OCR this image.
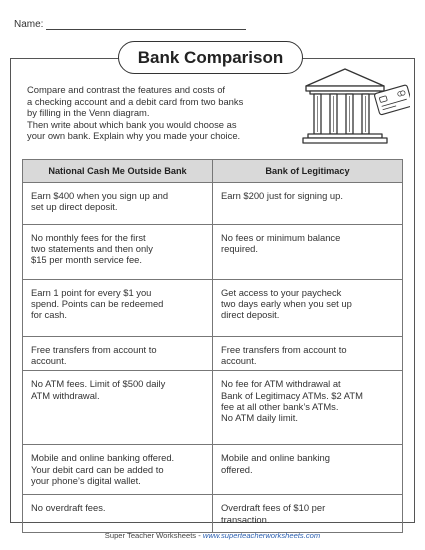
Name:
Bank Comparison

Compare and contrast the features and costs of

a checking account and a debit card from two banks

by filling in the Venn diagram.

Then write about which bank you would choose as

your own bank. Explain why you made your choice.

National Cash Me Outside Bank	Bank of Legitimacy
Earn $400 when you sign up and
set up direct deposit.	Earn $200 just for signing up.
No monthly fees for the first
two statements and then only
$15 per month service fee.	No fees or minimum balance
required.
Earn 1 point for every $1 you
spend. Points can be redeemed
for cash.	Get access to your paycheck
two days early when you set up
direct deposit.
Free transfers from account to
account.	Free transfers from account to
account.
No ATM fees. Limit of $500 daily
ATM withdrawal.	No fee for ATM withdrawal at
Bank of Legitimacy ATMs. $2 ATM
fee at all other bank’s ATMs.
No ATM daily limit.
Mobile and online banking offered.
Your debit card can be added to
your phone’s digital wallet.	Mobile and online banking
offered.
No overdraft fees.	Overdraft fees of $10 per
transaction.
Super Teacher Worksheets - www.superteacherworksheets.com
